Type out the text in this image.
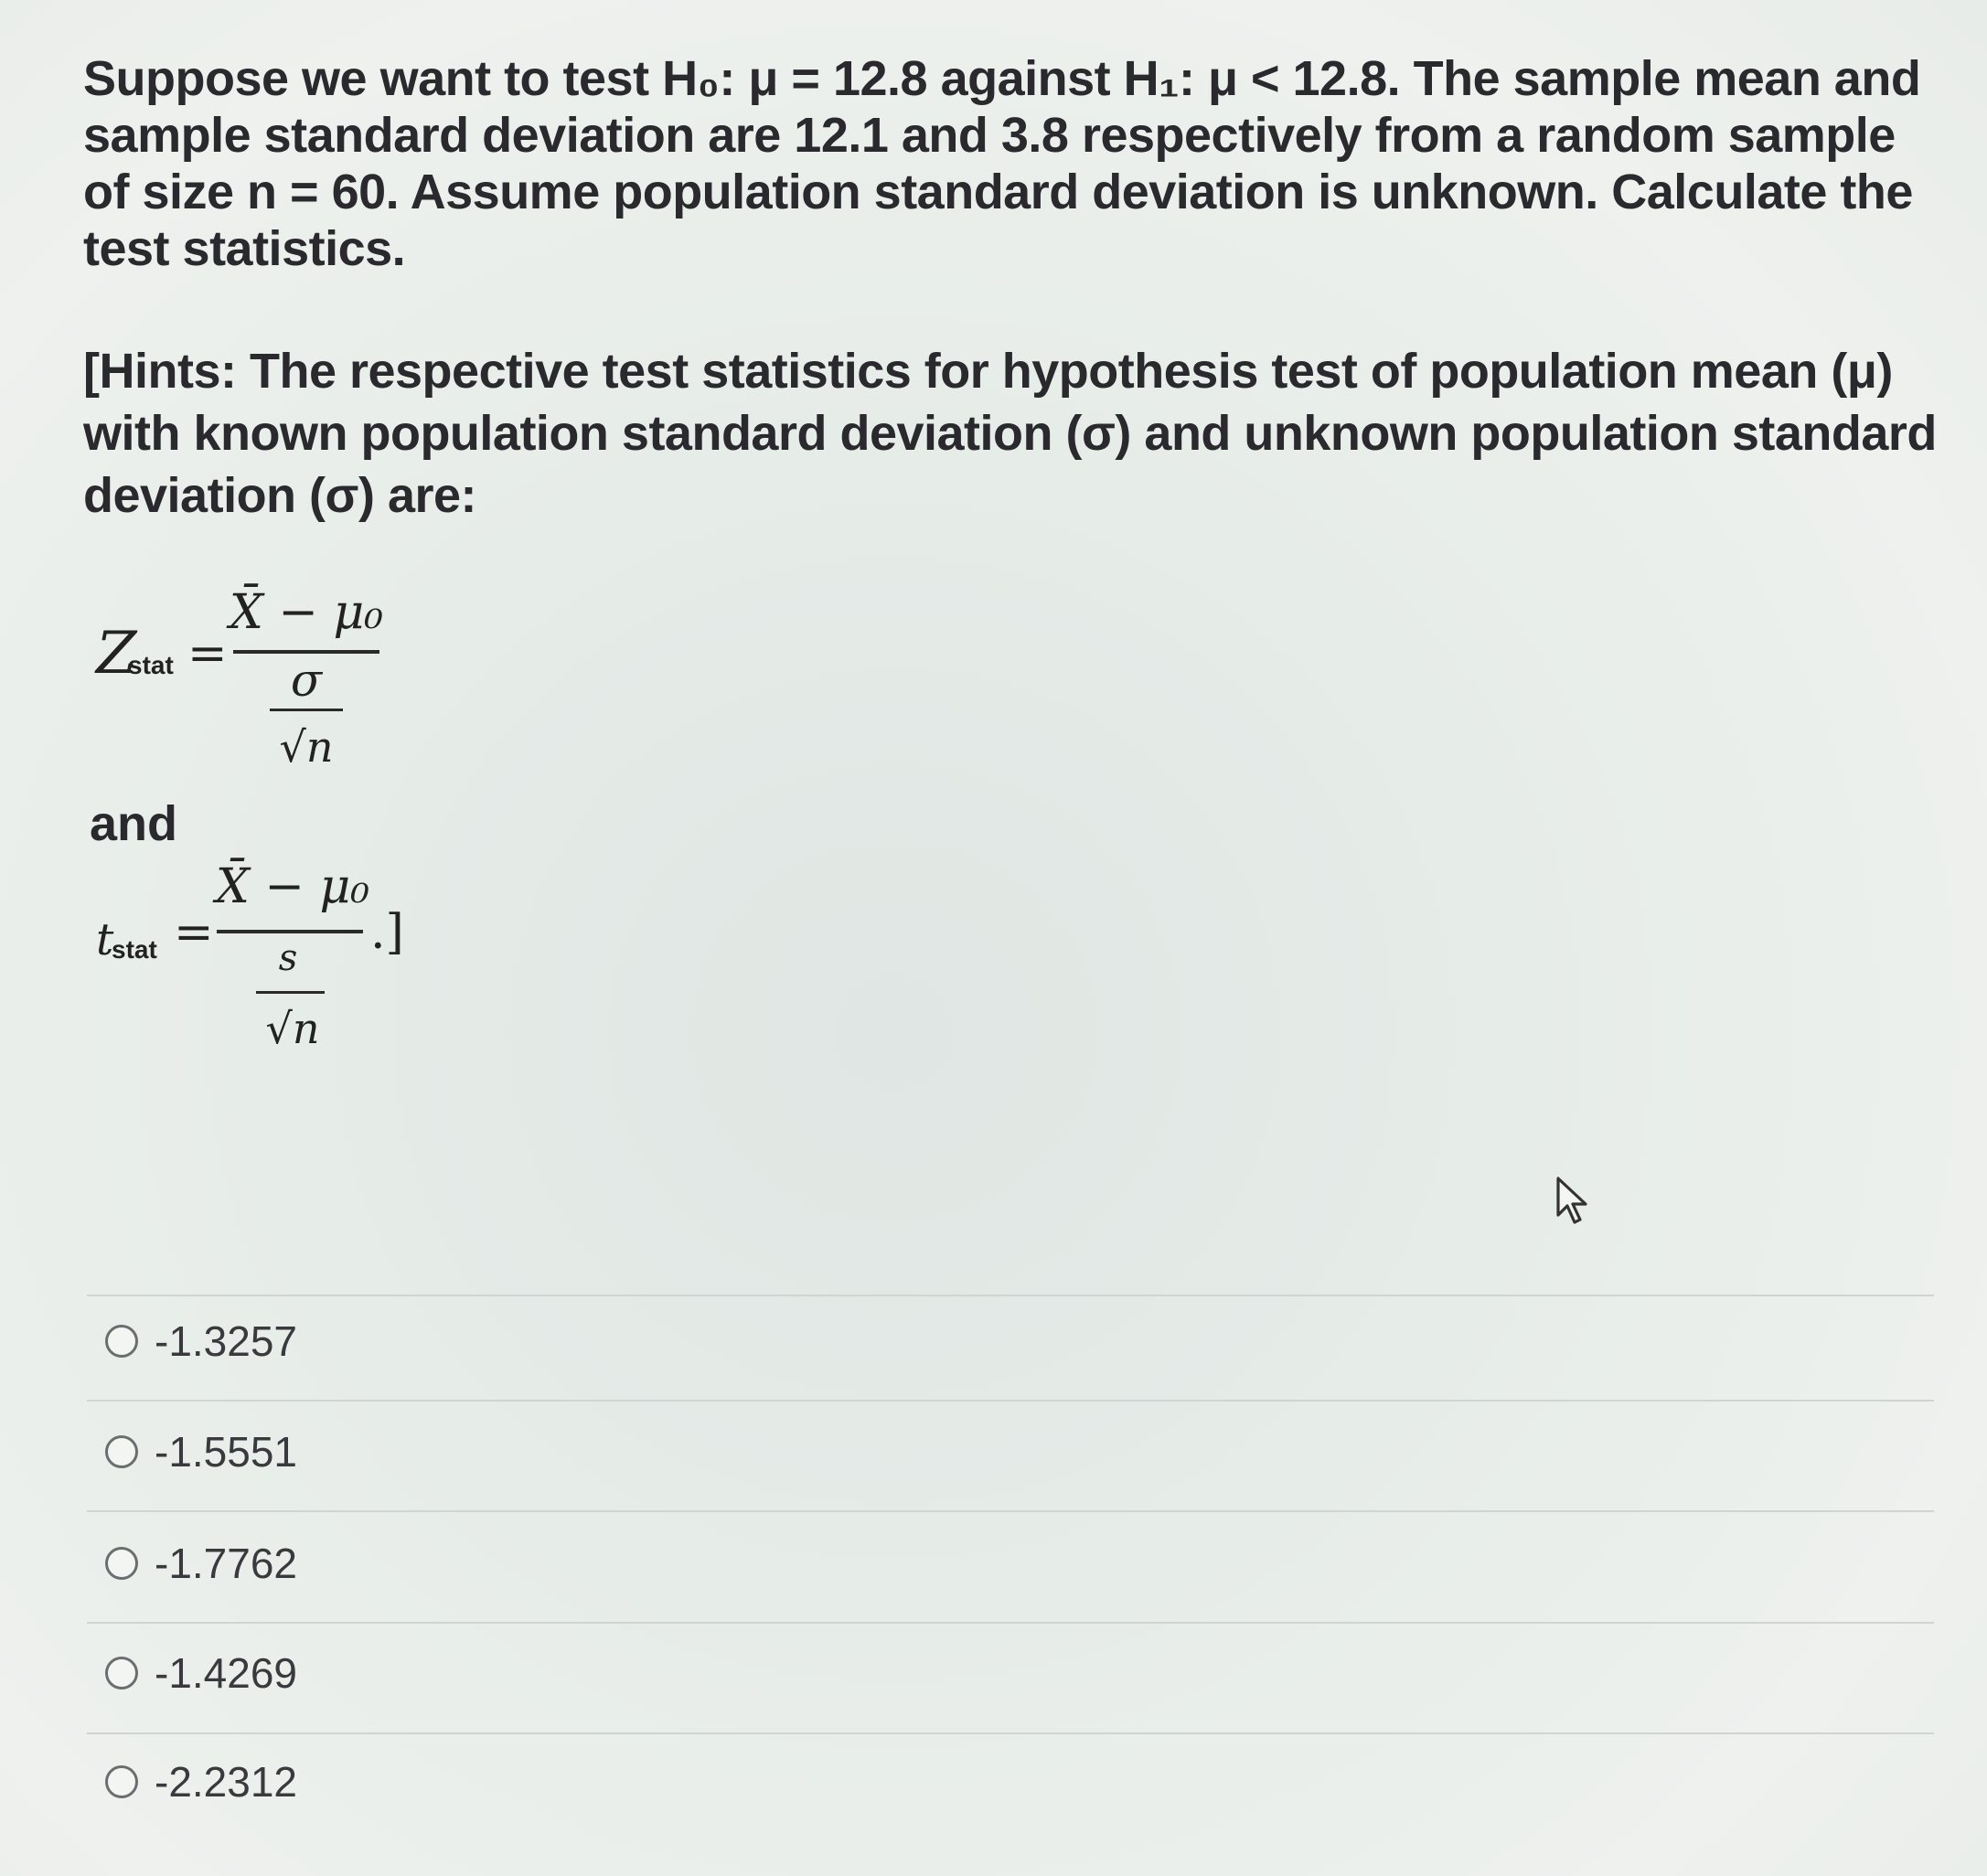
Suppose we want to test H₀: μ = 12.8 against H₁: μ < 12.8. The sample mean and sample standard deviation are 12.1 and 3.8 respectively from a random sample of size n = 60. Assume population standard deviation is unknown. Calculate the test statistics.
[Hints: The respective test statistics for hypothesis test of population mean (μ) with known population standard deviation (σ) and unknown population standard deviation (σ) are:
Z
stat =
X̄ − μ₀
σ
√n
and
t
stat =
X̄ − μ₀
s
√n
.]
-1.3257
-1.5551
-1.7762
-1.4269
-2.2312
